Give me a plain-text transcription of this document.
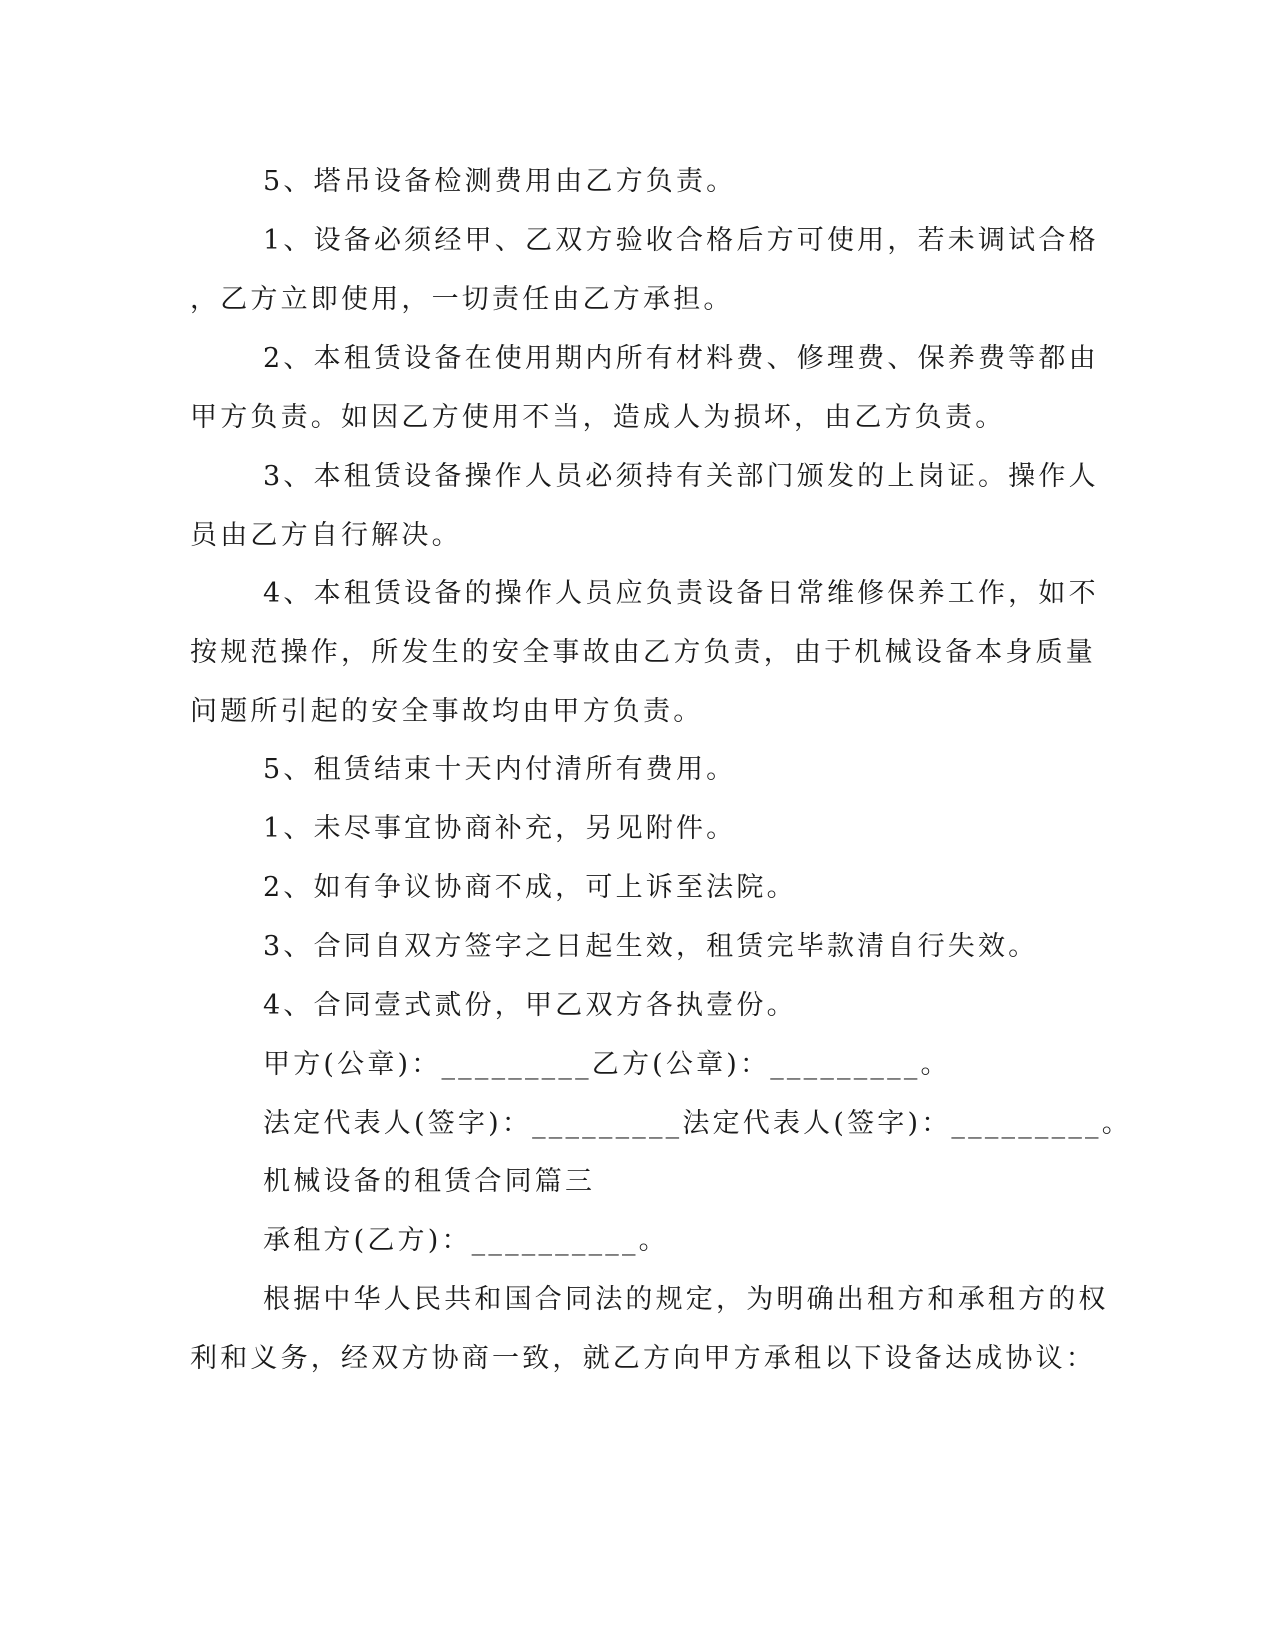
5、塔吊设备检测费用由乙方负责。
1、设备必须经甲、乙双方验收合格后方可使用，若未调试合格
，乙方立即使用，一切责任由乙方承担。
2、本租赁设备在使用期内所有材料费、修理费、保养费等都由
甲方负责。如因乙方使用不当，造成人为损坏，由乙方负责。
3、本租赁设备操作人员必须持有关部门颁发的上岗证。操作人
员由乙方自行解决。
4、本租赁设备的操作人员应负责设备日常维修保养工作，如不
按规范操作，所发生的安全事故由乙方负责，由于机械设备本身质量
问题所引起的安全事故均由甲方负责。
5、租赁结束十天内付清所有费用。
1、未尽事宜协商补充，另见附件。
2、如有争议协商不成，可上诉至法院。
3、合同自双方签字之日起生效，租赁完毕款清自行失效。
4、合同壹式贰份，甲乙双方各执壹份。
甲方(公章)：_________乙方(公章)：_________。
法定代表人(签字)：_________法定代表人(签字)：_________。
机械设备的租赁合同篇三
承租方(乙方)：__________。
根据中华人民共和国合同法的规定，为明确出租方和承租方的权
利和义务，经双方协商一致，就乙方向甲方承租以下设备达成协议：
